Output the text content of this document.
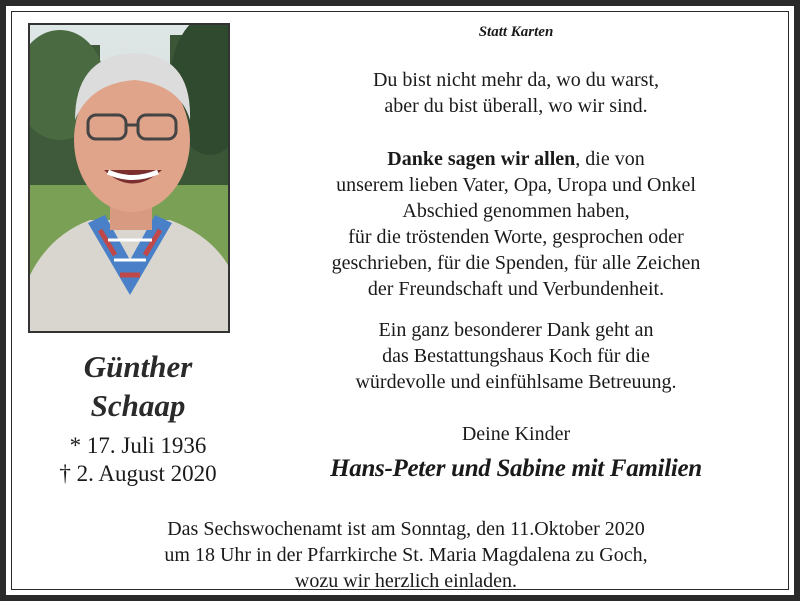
Günther
Schaap
* 17. Juli 1936
† 2. August 2020
Statt Karten

Du bist nicht mehr da, wo du warst,

aber du bist überall, wo wir sind.

Danke sagen wir allen, die von

unserem lieben Vater, Opa, Uropa und Onkel

Abschied genommen haben,

für die tröstenden Worte, gesprochen oder

geschrieben, für die Spenden, für alle Zeichen

der Freundschaft und Verbundenheit.

Ein ganz besonderer Dank geht an

das Bestattungshaus Koch für die

würdevolle und einfühlsame Betreuung.

Deine Kinder
Hans-Peter und Sabine mit Familien

Das Sechswochenamt ist am Sonntag, den 11.Oktober 2020

um 18 Uhr in der Pfarrkirche St. Maria Magdalena zu Goch,

wozu wir herzlich einladen.
